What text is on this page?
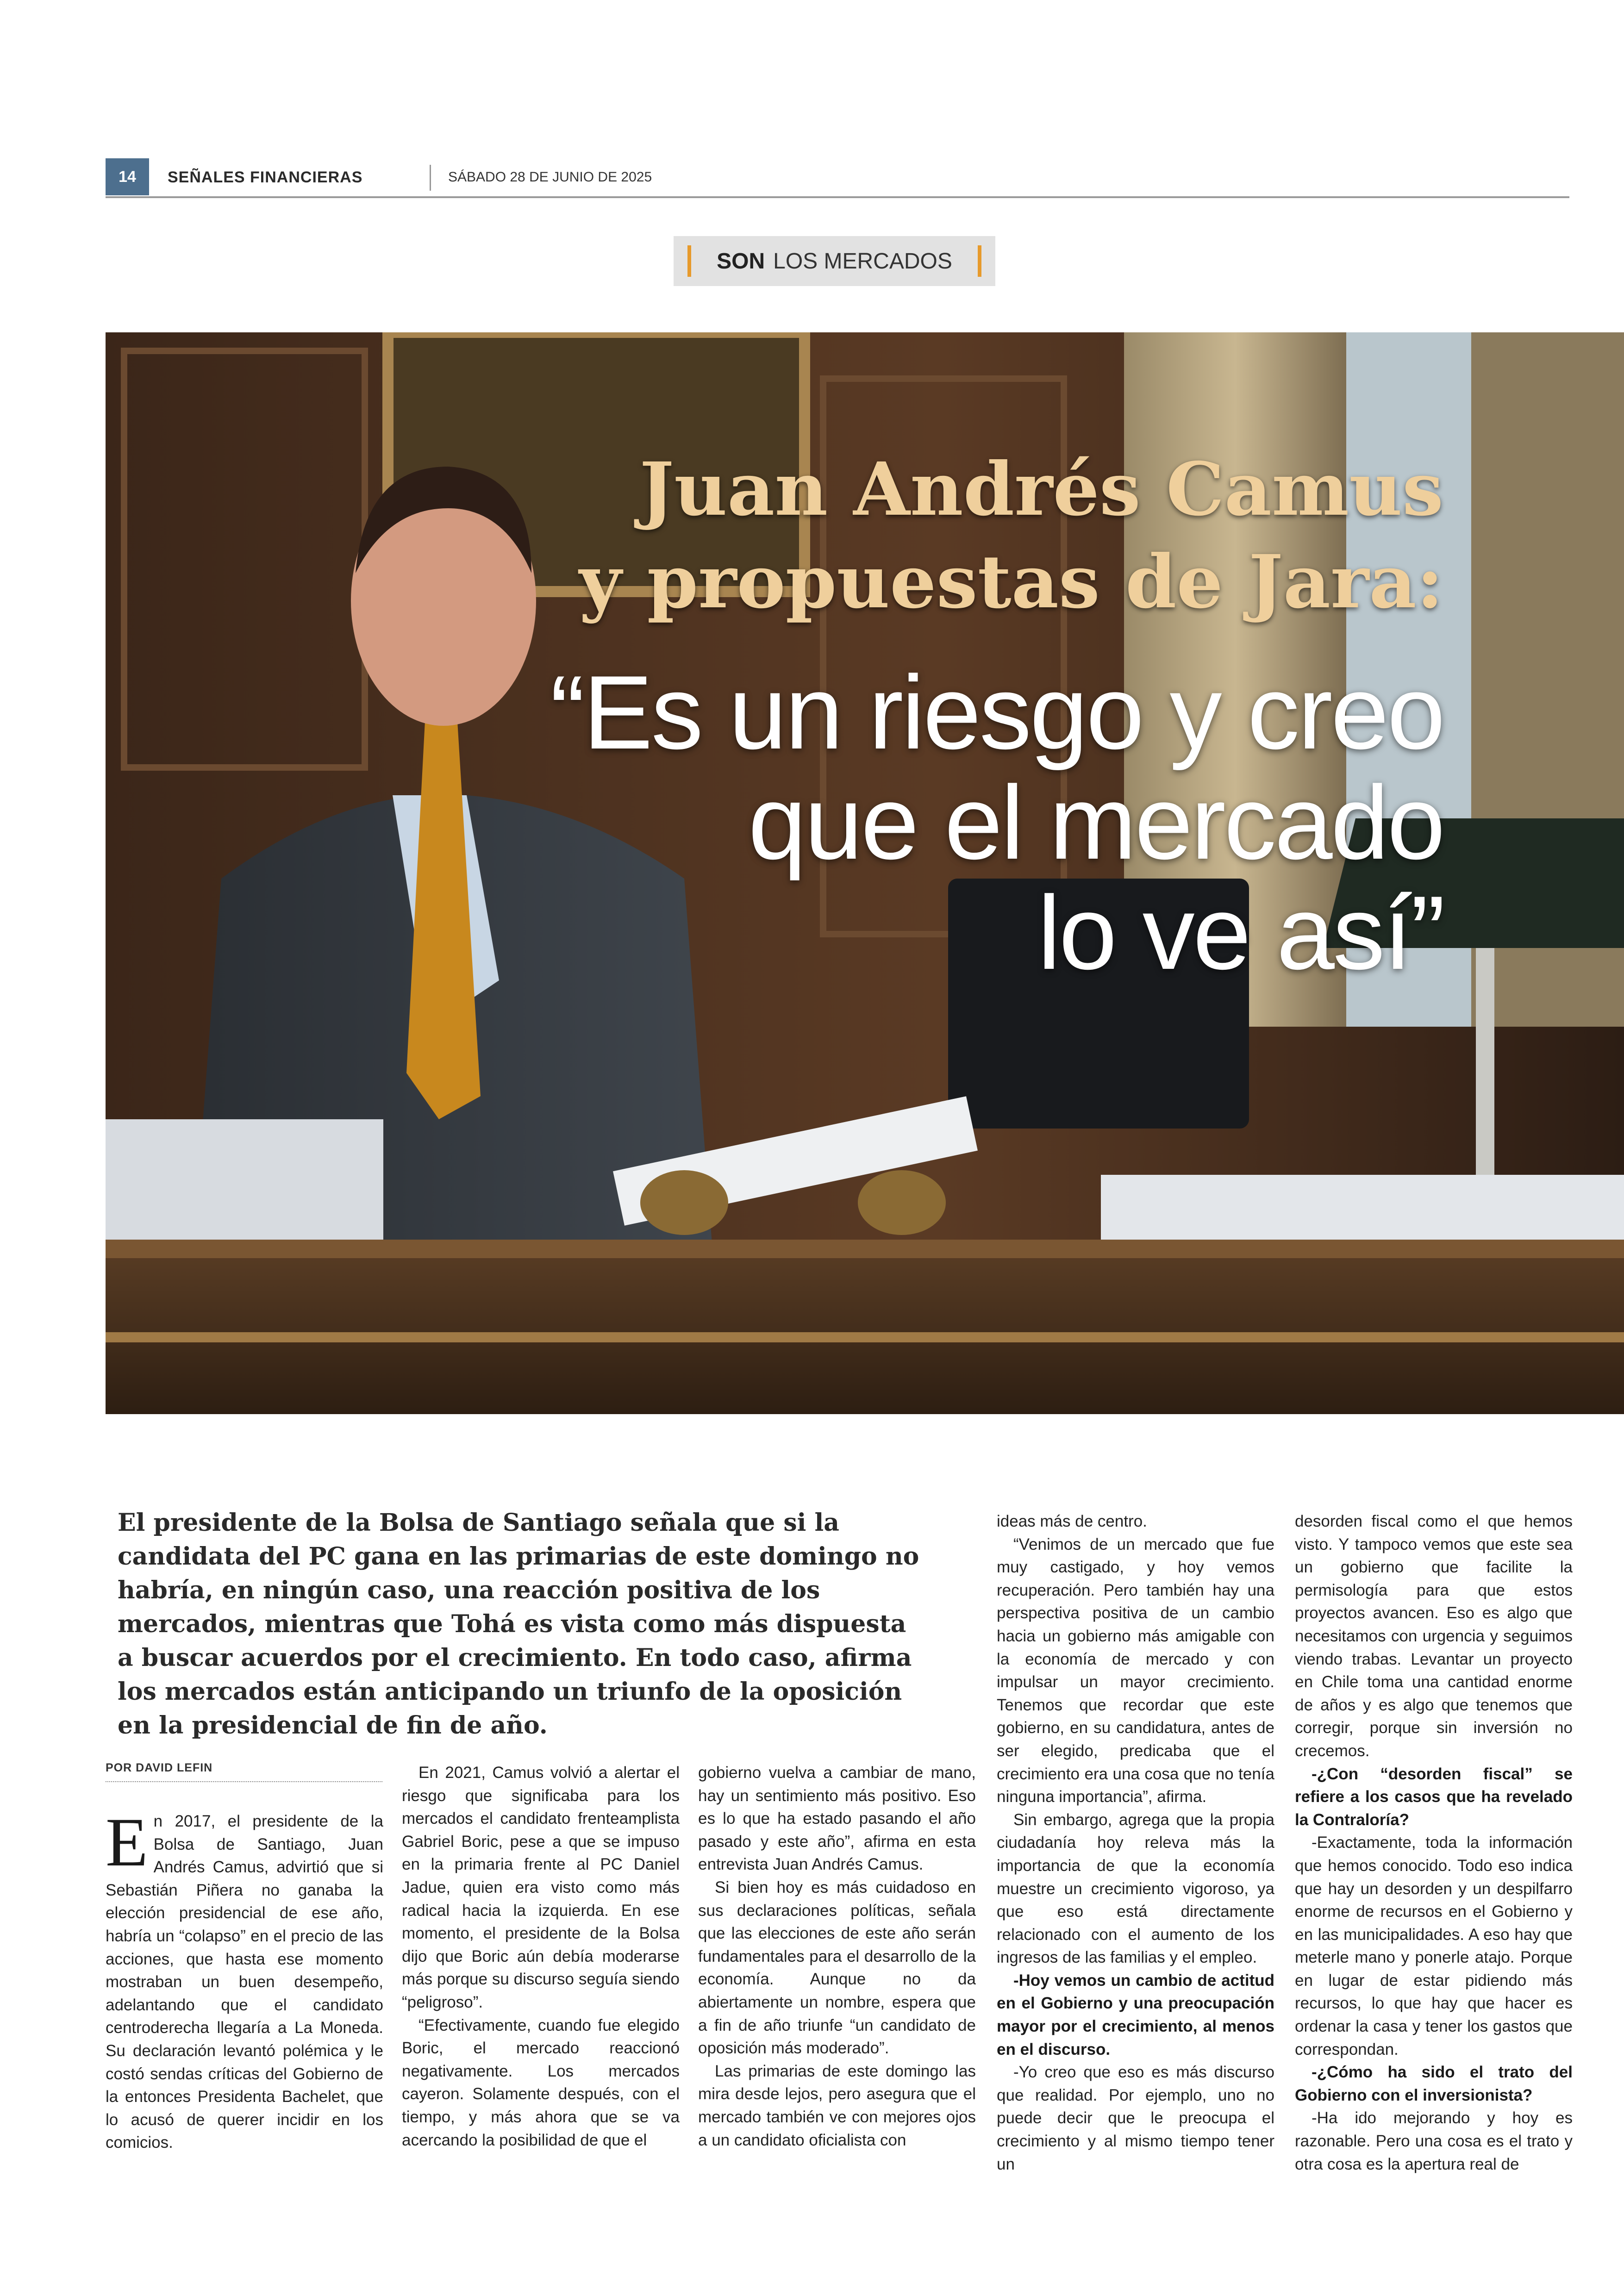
14	SEÑALES FINANCIERAS	SÁBADO 28 DE JUNIO DE 2025
SON LOS MERCADOS
Juan Andrés Camus
y propuestas de Jara:
“Es un riesgo y creo
que el mercado
lo ve así”
El presidente de la Bolsa de Santiago señala que si la candidata del PC gana en las primarias de este domingo no habría, en ningún caso, una reacción positiva de los mercados, mientras que Tohá es vista como más dispuesta a buscar acuerdos por el crecimiento. En todo caso, afirma los mercados están anticipando un triunfo de la oposición en la presidencial de fin de año.
POR DAVID LEFIN

En 2017, el presidente de la Bolsa de Santiago, Juan Andrés Camus, advirtió que si Sebastián Piñera no ganaba la elección presidencial de ese año, habría un “colapso” en el precio de las acciones, que hasta ese momento mostraban un buen desempeño, adelantando que el candidato centroderecha llegaría a La Moneda. Su declaración levantó polémica y le costó sendas críticas del Gobierno de la entonces Presidenta Bachelet, que lo acusó de querer incidir en los comicios.

En 2021, Camus volvió a alertar el riesgo que significaba para los mercados el candidato frenteamplista Gabriel Boric, pese a que se impuso en la primaria frente al PC Daniel Jadue, quien era visto como más radical hacia la izquierda. En ese momento, el presidente de la Bolsa dijo que Boric aún debía moderarse más porque su discurso seguía siendo “peligroso”.

“Efectivamente, cuando fue elegido Boric, el mercado reaccionó negativamente. Los mercados cayeron. Solamente después, con el tiempo, y más ahora que se va acercando la posibilidad de que el

gobierno vuelva a cambiar de mano, hay un sentimiento más positivo. Eso es lo que ha estado pasando el año pasado y este año”, afirma en esta entrevista Juan Andrés Camus.

Si bien hoy es más cuidadoso en sus declaraciones políticas, señala que las elecciones de este año serán fundamentales para el desarrollo de la economía. Aunque no da abiertamente un nombre, espera que a fin de año triunfe “un candidato de oposición más moderado”.

Las primarias de este domingo las mira desde lejos, pero asegura que el mercado también ve con mejores ojos a un candidato oficialista con

ideas más de centro.

“Venimos de un mercado que fue muy castigado, y hoy vemos recuperación. Pero también hay una perspectiva positiva de un cambio hacia un gobierno más amigable con la economía de mercado y con impulsar un mayor crecimiento. Tenemos que recordar que este gobierno, en su candidatura, antes de ser elegido, predicaba que el crecimiento era una cosa que no tenía ninguna importancia”, afirma.

Sin embargo, agrega que la propia ciudadanía hoy releva más la importancia de que la economía muestre un crecimiento vigoroso, ya que eso está directamente relacionado con el aumento de los ingresos de las familias y el empleo.

-Hoy vemos un cambio de actitud en el Gobierno y una preocupación mayor por el crecimiento, al menos en el discurso.

-Yo creo que eso es más discurso que realidad. Por ejemplo, uno no puede decir que le preocupa el crecimiento y al mismo tiempo tener un

desorden fiscal como el que hemos visto. Y tampoco vemos que este sea un gobierno que facilite la permisología para que estos proyectos avancen. Eso es algo que necesitamos con urgencia y seguimos viendo trabas. Levantar un proyecto en Chile toma una cantidad enorme de años y es algo que tenemos que corregir, porque sin inversión no crecemos.

-¿Con “desorden fiscal” se refiere a los casos que ha revelado la Contraloría?

-Exactamente, toda la información que hemos conocido. Todo eso indica que hay un desorden y un despilfarro enorme de recursos en el Gobierno y en las municipalidades. A eso hay que meterle mano y ponerle atajo. Porque en lugar de estar pidiendo más recursos, lo que hay que hacer es ordenar la casa y tener los gastos que correspondan.

-¿Cómo ha sido el trato del Gobierno con el inversionista?

-Ha ido mejorando y hoy es razonable. Pero una cosa es el trato y otra cosa es la apertura real de
